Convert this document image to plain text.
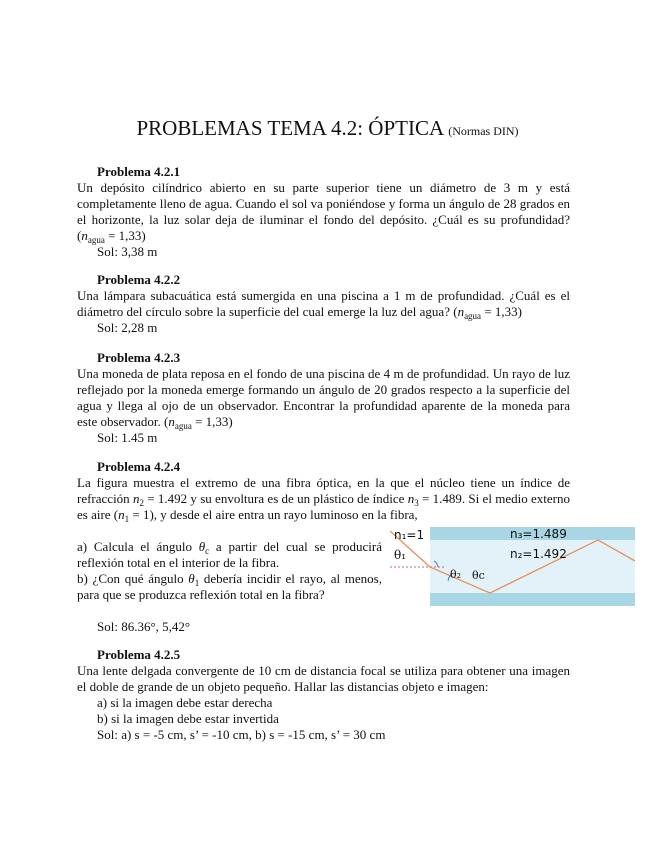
PROBLEMAS TEMA 4.2: ÓPTICA (Normas DIN)
Problema 4.2.1
Un depósito cilíndrico abierto en su parte superior tiene un diámetro de 3 m y está completamente lleno de agua. Cuando el sol va poniéndose y forma un ángulo de 28 grados en el horizonte, la luz solar deja de iluminar el fondo del depósito. ¿Cuál es su profundidad? $(n_{agua} = 1,33)$
Sol: 3,38 m
Problema 4.2.2
Una lámpara subacuática está sumergida en una piscina a 1 m de profundidad. ¿Cuál es el diámetro del círculo sobre la superficie del cual emerge la luz del agua? $(n_{agua} = 1,33)$
Sol: 2,28 m
Problema 4.2.3
Una moneda de plata reposa en el fondo de una piscina de 4 m de profundidad. Un rayo de luz reflejado por la moneda emerge formando un ángulo de 20 grados respecto a la superficie del agua y llega al ojo de un observador. Encontrar la profundidad aparente de la moneda para este observador. $(n_{agua} = 1,33)$
Sol: 1.45 m
Problema 4.2.4
La figura muestra el extremo de una fibra óptica, en la que el núcleo tiene un índice de refracción $n_2 = 1.492$ y su envoltura es de un plástico de índice $n_3 = 1.489$. Si el medio externo es aire $(n_1 = 1)$, y desde el aire entra un rayo luminoso en la fibra,
a) Calcula el ángulo $\theta_c$ a partir del cual se producirá reflexión total en el interior de la fibra.
b) ¿Con qué ángulo $\theta_1$ debería incidir el rayo, al menos, para que se produzca reflexión total en la fibra?
Sol: 86.36°, 5,42°
n₁=1	n₃=1.489
n₂=1.492
θ₁
θ₂ θc
Problema 4.2.5
Una lente delgada convergente de 10 cm de distancia focal se utiliza para obtener una imagen el doble de grande de un objeto pequeño. Hallar las distancias objeto e imagen:
a) si la imagen debe estar derecha
b) si la imagen debe estar invertida
Sol: a) s = -5 cm, s’ = -10 cm, b) s = -15 cm, s’ = 30 cm
